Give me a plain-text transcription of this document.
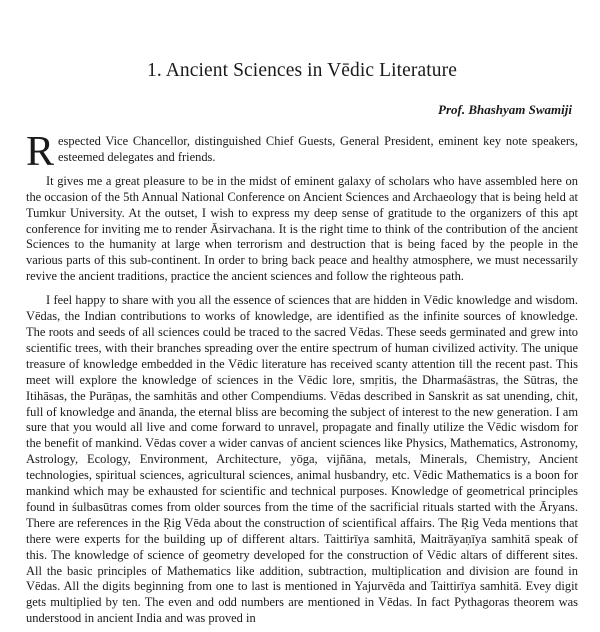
1. Ancient Sciences in Vēdic Literature
Prof. Bhashyam Swamiji

Respected Vice Chancellor, distinguished Chief Guests, General President, eminent key note speakers, esteemed delegates and friends.

It gives me a great pleasure to be in the midst of eminent galaxy of scholars who have assembled here on the occasion of the 5th Annual National Conference on Ancient Sciences and Archaeology that is being held at Tumkur University. At the outset, I wish to express my deep sense of gratitude to the organizers of this apt conference for inviting me to render Āsirvachana. It is the right time to think of the contribution of the ancient Sciences to the humanity at large when terrorism and destruction that is being faced by the people in the various parts of this sub-continent. In order to bring back peace and healthy atmosphere, we must necessarily revive the ancient traditions, practice the ancient sciences and follow the righteous path.

I feel happy to share with you all the essence of sciences that are hidden in Vēdic knowledge and wisdom. Vēdas, the Indian contributions to works of knowledge, are identified as the infinite sources of knowledge. The roots and seeds of all sciences could be traced to the sacred Vēdas. These seeds germinated and grew into scientific trees, with their branches spreading over the entire spectrum of human civilized activity. The unique treasure of knowledge embedded in the Vēdic literature has received scanty attention till the recent past. This meet will explore the knowledge of sciences in the Vēdic lore, smṛitis, the Dharmaśāstras, the Sūtras, the Itihāsas, the Purāṇas, the samhitās and other Compendiums. Vēdas described in Sanskrit as sat unending, chit, full of knowledge and ānanda, the eternal bliss are becoming the subject of interest to the new generation. I am sure that you would all live and come forward to unravel, propagate and finally utilize the Vēdic wisdom for the benefit of mankind. Vēdas cover a wider canvas of ancient sciences like Physics, Mathematics, Astronomy, Astrology, Ecology, Environment, Architecture, yōga, vijñāna, metals, Minerals, Chemistry, Ancient technologies, spiritual sciences, agricultural sciences, animal husbandry, etc. Vēdic Mathematics is a boon for mankind which may be exhausted for scientific and technical purposes. Knowledge of geometrical principles found in śulbasūtras comes from older sources from the time of the sacrificial rituals started with the Āryans. There are references in the Ṛig Vēda about the construction of scientifical affairs. The Ṛig Veda mentions that there were experts for the building up of different altars. Taittirīya samhitā, Maitrāyaṇīya samhitā speak of this. The knowledge of science of geometry developed for the construction of Vēdic altars of different sites. All the basic principles of Mathematics like addition, subtraction, multiplication and division are found in Vēdas. All the digits beginning from one to last is mentioned in Yajurvēda and Taittirīya samhitā. Evey digit gets multiplied by ten. The even and odd numbers are mentioned in Vēdas. In fact Pythagoras theorem was understood in ancient India and was proved in
